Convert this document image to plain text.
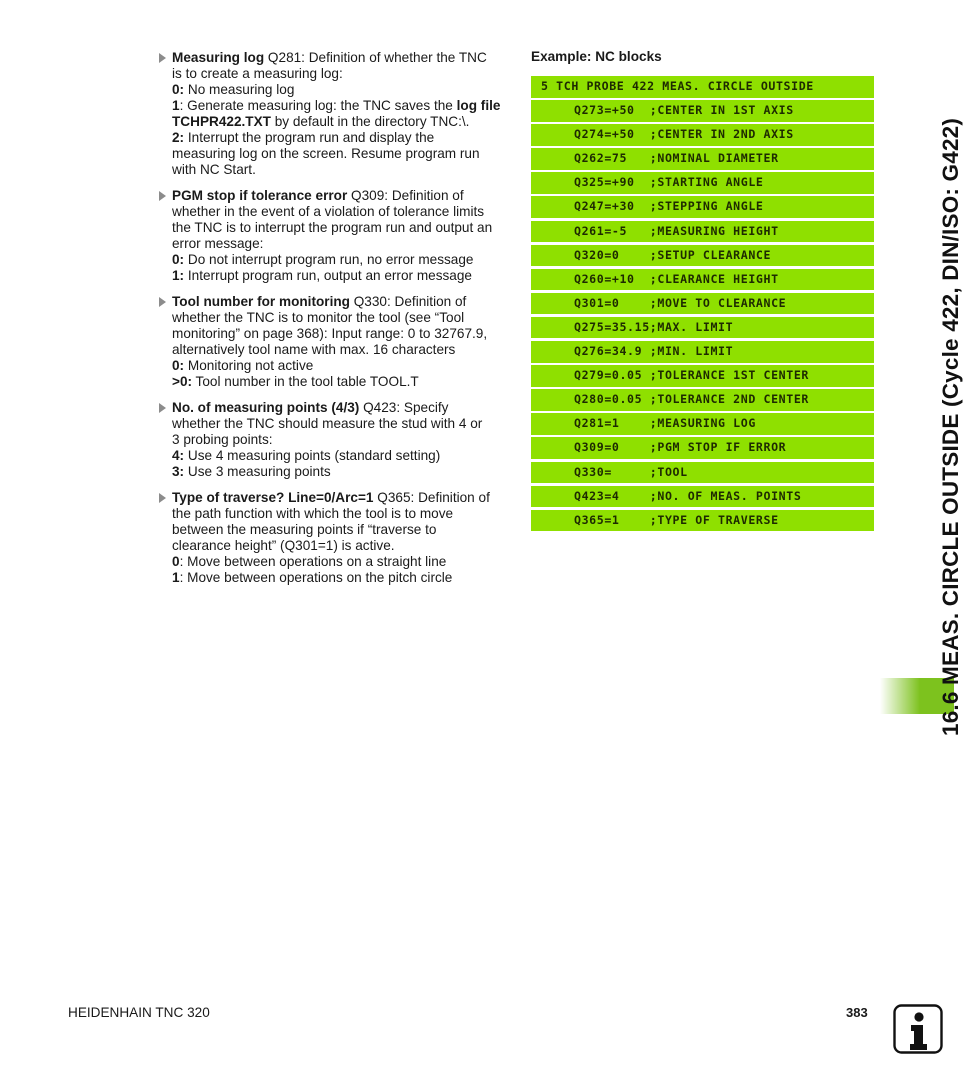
Measuring log Q281: Definition of whether the TNC
is to create a measuring log:
0: No measuring log
1: Generate measuring log: the TNC saves the log file
TCHPR422.TXT by default in the directory TNC:\.
2: Interrupt the program run and display the
measuring log on the screen. Resume program run
with NC Start.
PGM stop if tolerance error Q309: Definition of
whether in the event of a violation of tolerance limits
the TNC is to interrupt the program run and output an
error message:
0: Do not interrupt program run, no error message
1: Interrupt program run, output an error message
Tool number for monitoring Q330: Definition of
whether the TNC is to monitor the tool (see “Tool
monitoring” on page 368): Input range: 0 to 32767.9,
alternatively tool name with max. 16 characters
0: Monitoring not active
>0: Tool number in the tool table TOOL.T
No. of measuring points (4/3) Q423: Specify
whether the TNC should measure the stud with 4 or
3 probing points:
4: Use 4 measuring points (standard setting)
3: Use 3 measuring points
Type of traverse? Line=0/Arc=1 Q365: Definition of
the path function with which the tool is to move
between the measuring points if “traverse to
clearance height” (Q301=1) is active.
0: Move between operations on a straight line
1: Move between operations on the pitch circle
Example: NC blocks
5 TCH PROBE 422 MEAS. CIRCLE OUTSIDE
Q273=+50  ;CENTER IN 1ST AXIS
Q274=+50  ;CENTER IN 2ND AXIS
Q262=75   ;NOMINAL DIAMETER
Q325=+90  ;STARTING ANGLE
Q247=+30  ;STEPPING ANGLE
Q261=-5   ;MEASURING HEIGHT
Q320=0    ;SETUP CLEARANCE
Q260=+10  ;CLEARANCE HEIGHT
Q301=0    ;MOVE TO CLEARANCE
Q275=35.15;MAX. LIMIT
Q276=34.9 ;MIN. LIMIT
Q279=0.05 ;TOLERANCE 1ST CENTER
Q280=0.05 ;TOLERANCE 2ND CENTER
Q281=1    ;MEASURING LOG
Q309=0    ;PGM STOP IF ERROR
Q330=     ;TOOL
Q423=4    ;NO. OF MEAS. POINTS
Q365=1    ;TYPE OF TRAVERSE	16.6 MEAS. CIRCLE OUTSIDE (Cycle 422, DIN/ISO: G422)
HEIDENHAIN TNC 320	383
